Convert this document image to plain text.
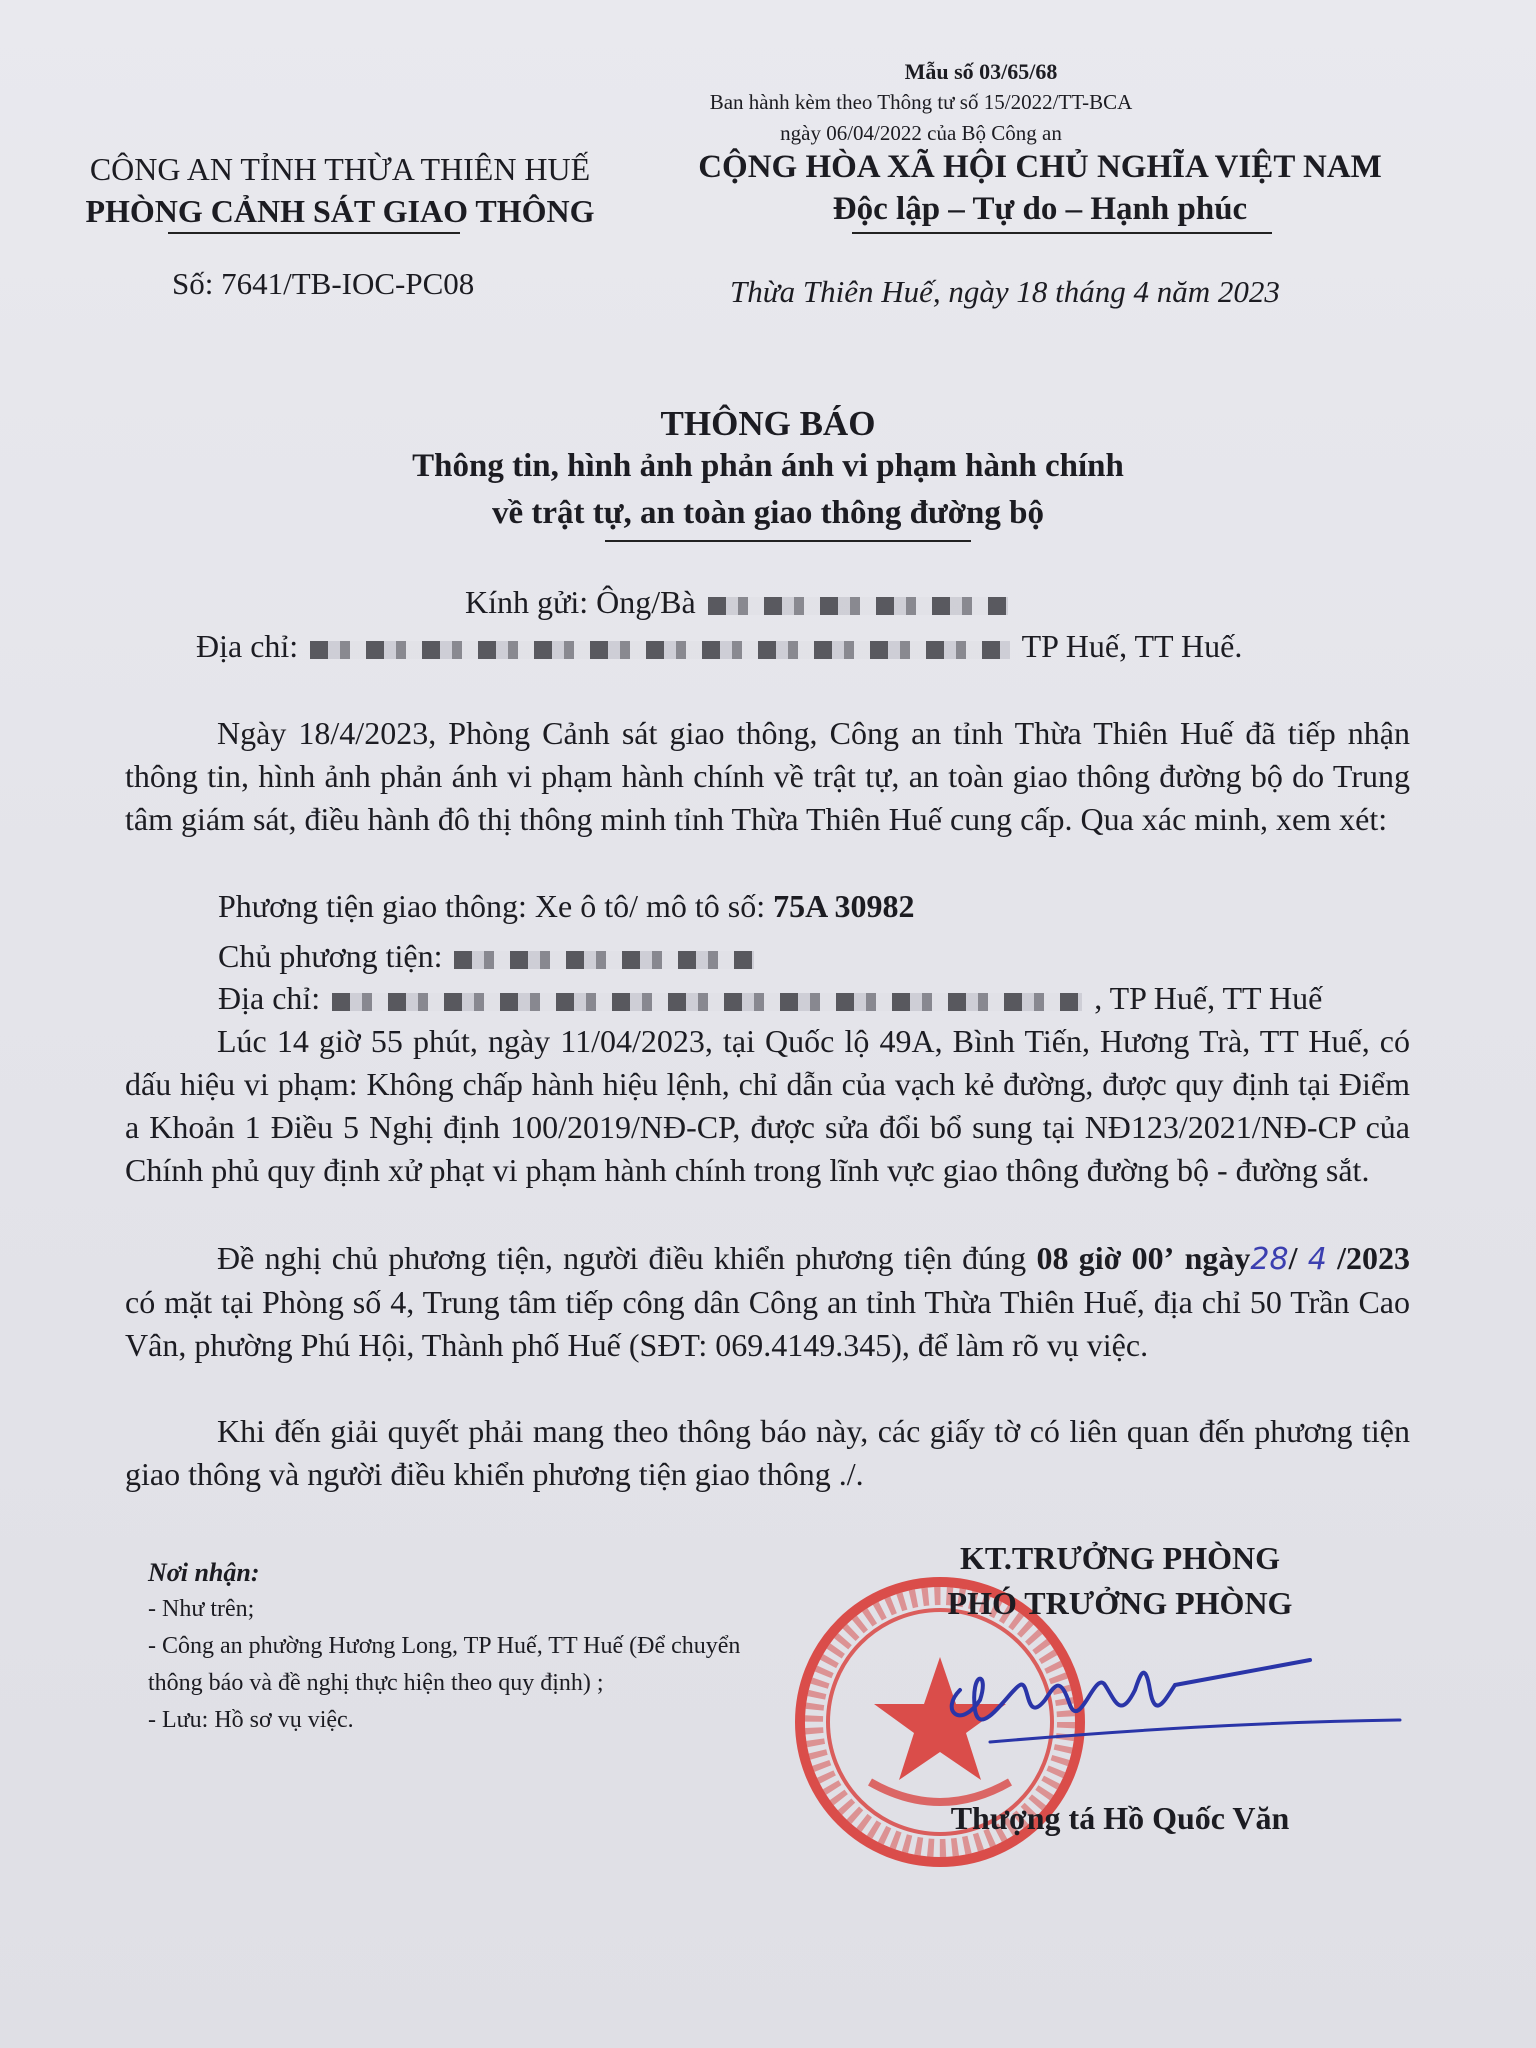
Mẫu số 03/65/68
Ban hành kèm theo Thông tư số 15/2022/TT-BCA
ngày 06/04/2022 của Bộ Công an
CÔNG AN TỈNH THỪA THIÊN HUẾ
PHÒNG CẢNH SÁT GIAO THÔNG
Số: 7641/TB-IOC-PC08
CỘNG HÒA XÃ HỘI CHỦ NGHĨA VIỆT NAM
Độc lập – Tự do – Hạnh phúc
Thừa Thiên Huế, ngày 18 tháng 4 năm 2023
THÔNG BÁO
Thông tin, hình ảnh phản ánh vi phạm hành chính
về trật tự, an toàn giao thông đường bộ
Kính gửi: Ông/Bà
Địa chỉ:	TP Huế, TT Huế.
Ngày 18/4/2023, Phòng Cảnh sát giao thông, Công an tỉnh Thừa Thiên Huế đã tiếp nhận thông tin, hình ảnh phản ánh vi phạm hành chính về trật tự, an toàn giao thông đường bộ do Trung tâm giám sát, điều hành đô thị thông minh tỉnh Thừa Thiên Huế cung cấp. Qua xác minh, xem xét:
Phương tiện giao thông: Xe ô tô/ mô tô số: 75A 30982
Chủ phương tiện:
Địa chỉ:	, TP Huế, TT Huế
Lúc 14 giờ 55 phút, ngày 11/04/2023, tại Quốc lộ 49A, Bình Tiến, Hương Trà, TT Huế, có dấu hiệu vi phạm: Không chấp hành hiệu lệnh, chỉ dẫn của vạch kẻ đường, được quy định tại Điểm a Khoản 1 Điều 5 Nghị định 100/2019/NĐ-CP, được sửa đổi bổ sung tại NĐ123/2021/NĐ-CP của Chính phủ quy định xử phạt vi phạm hành chính trong lĩnh vực giao thông đường bộ - đường sắt.
Đề nghị chủ phương tiện, người điều khiển phương tiện đúng 08 giờ 00’ ngày28/ 4 /2023 có mặt tại Phòng số 4, Trung tâm tiếp công dân Công an tỉnh Thừa Thiên Huế, địa chỉ 50 Trần Cao Vân, phường Phú Hội, Thành phố Huế (SĐT: 069.4149.345), để làm rõ vụ việc.
Khi đến giải quyết phải mang theo thông báo này, các giấy tờ có liên quan đến phương tiện giao thông và người điều khiển phương tiện giao thông ./.
Nơi nhận:
- Như trên;
- Công an phường Hương Long, TP Huế, TT Huế (Để chuyển thông báo và đề nghị thực hiện theo quy định) ;
- Lưu: Hồ sơ vụ việc.
KT.TRƯỞNG PHÒNG
PHÓ TRƯỞNG PHÒNG
Thượng tá Hồ Quốc Văn
